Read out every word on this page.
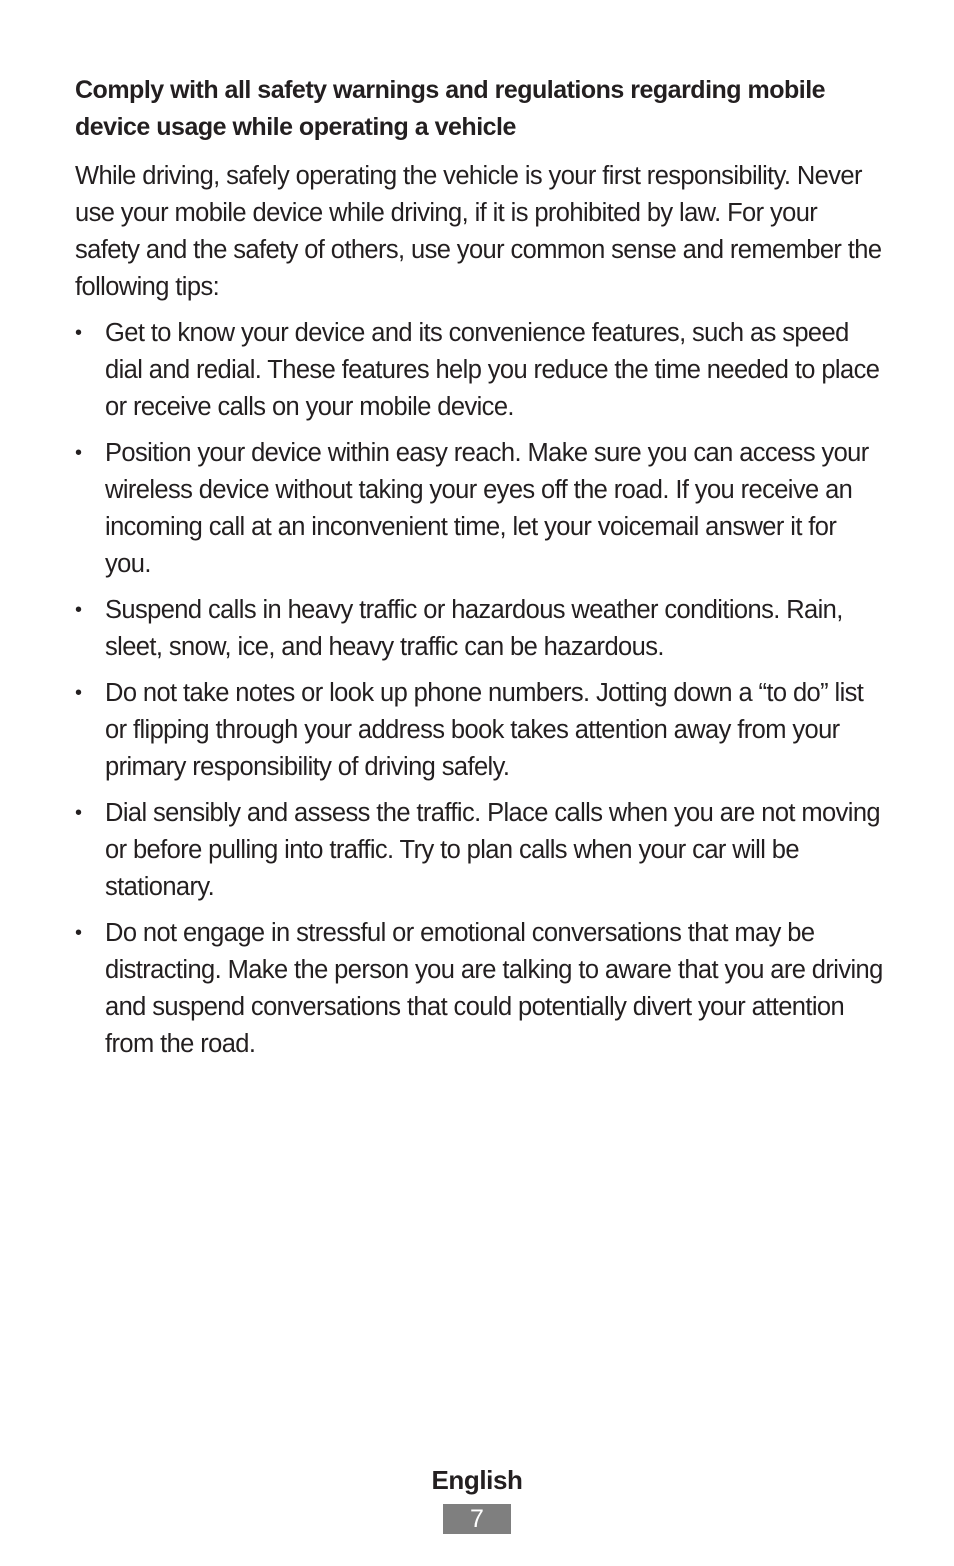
Comply with all safety warnings and regulations regarding mobile device usage while operating a vehicle

While driving, safely operating the vehicle is your first responsibility. Never use your mobile device while driving, if it is prohibited by law. For your safety and the safety of others, use your common sense and remember the following tips:

• Get to know your device and its convenience features, such as speed dial and redial. These features help you reduce the time needed to place or receive calls on your mobile device.
• Position your device within easy reach. Make sure you can access your wireless device without taking your eyes off the road. If you receive an incoming call at an inconvenient time, let your voicemail answer it for you.
• Suspend calls in heavy traffic or hazardous weather conditions. Rain, sleet, snow, ice, and heavy traffic can be hazardous.
• Do not take notes or look up phone numbers. Jotting down a “to do” list or flipping through your address book takes attention away from your primary responsibility of driving safely.
• Dial sensibly and assess the traffic. Place calls when you are not moving or before pulling into traffic. Try to plan calls when your car will be stationary.
• Do not engage in stressful or emotional conversations that may be distracting. Make the person you are talking to aware that you are driving and suspend conversations that could potentially divert your attention from the road.
English
7
